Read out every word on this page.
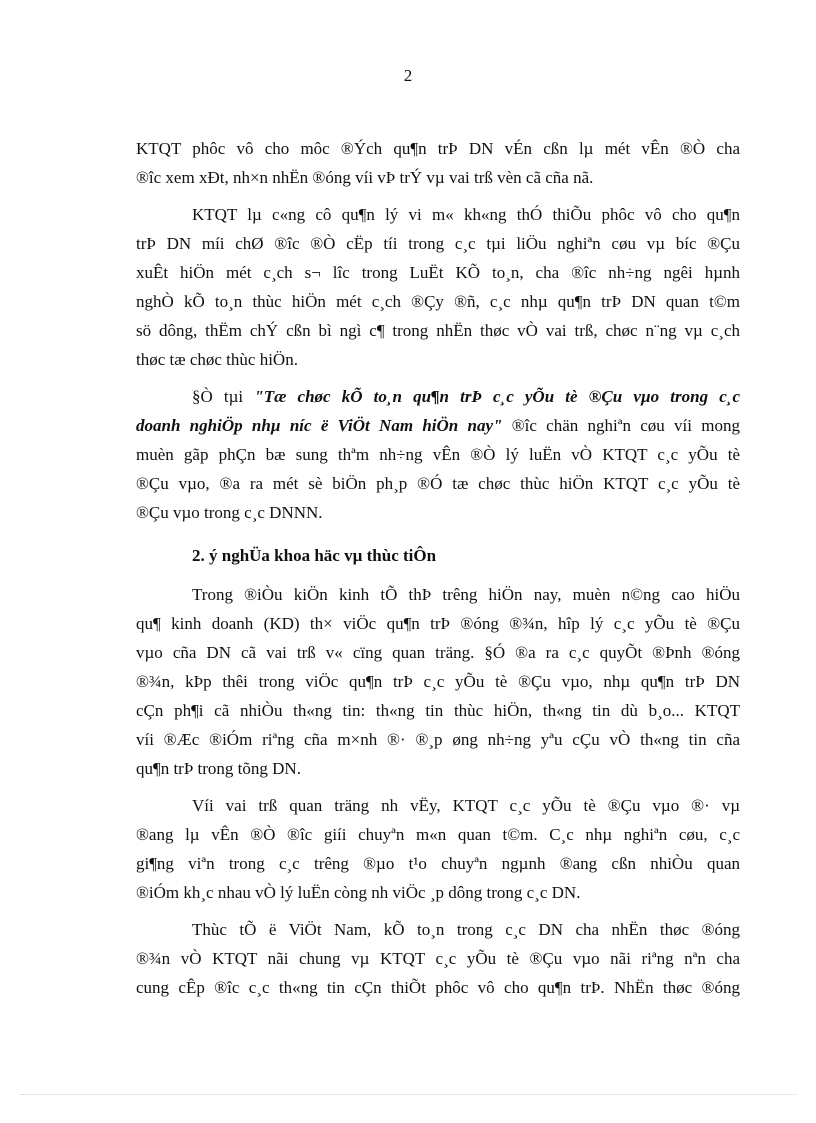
2
KTQT phôc vô cho môc ®Ých qu¶n trÞ DN vÉn cßn lµ mét vÊn ®Ò cha
®îc xem xÐt, nh×n nhËn ®óng víi vÞ trÝ vµ vai trß vèn cã cña nã.
KTQT lµ c«ng cô qu¶n lý vi m« kh«ng thÓ thiÕu phôc vô cho qu¶n
trÞ DN míi chØ ®îc ®Ò cËp tíi trong c¸c tµi liÖu nghiªn cøu vµ bíc ®Çu
xuÊt hiÖn mét c¸ch s¬ lîc trong LuËt KÕ to¸n, cha ®îc nh÷ng ngêi hµnh
nghÒ kÕ to¸n thùc hiÖn mét c¸ch ®Çy ®ñ, c¸c nhµ qu¶n trÞ DN quan t©m
sö dông, thËm chÝ cßn bì ngì c¶ trong nhËn thøc vÒ vai trß, chøc n¨ng vµ c¸ch
thøc tæ chøc thùc hiÖn.
§Ò tµi "Tæ chøc kÕ to¸n qu¶n trÞ c¸c yÕu tè ®Çu vµo trong c¸c
doanh nghiÖp nhµ níc ë ViÖt Nam hiÖn nay" ®îc chän nghiªn cøu víi mong
muèn gãp phÇn bæ sung thªm nh÷ng vÊn ®Ò lý luËn vÒ KTQT c¸c yÕu tè
®Çu vµo, ®a ra mét sè biÖn ph¸p ®Ó tæ chøc thùc hiÖn KTQT c¸c yÕu tè
®Çu vµo trong c¸c DNNN.
2. ý nghÜa khoa häc vµ thùc tiÔn
Trong ®iÒu kiÖn kinh tÕ thÞ trêng hiÖn nay, muèn n©ng cao hiÖu
qu¶ kinh doanh (KD) th× viÖc qu¶n trÞ ®óng ®¾n, hîp lý c¸c yÕu tè ®Çu
vµo cña DN cã vai trß v« cïng quan träng. §Ó ®a ra c¸c quyÕt ®Þnh ®óng
®¾n, kÞp thêi trong viÖc qu¶n trÞ c¸c yÕu tè ®Çu vµo, nhµ qu¶n trÞ DN
cÇn ph¶i cã nhiÒu th«ng tin: th«ng tin thùc hiÖn, th«ng tin dù b¸o... KTQT
víi ®Æc ®iÓm riªng cña m×nh ®· ®¸p øng nh÷ng yªu cÇu vÒ th«ng tin cña
qu¶n trÞ trong tõng DN.
Víi vai trß quan träng nh vËy, KTQT c¸c yÕu tè ®Çu vµo ®· vµ
®ang lµ vÊn ®Ò ®îc giíi chuyªn m«n quan t©m. C¸c nhµ nghiªn cøu, c¸c
gi¶ng viªn trong c¸c trêng ®µo t¹o chuyªn ngµnh ®ang cßn nhiÒu quan
®iÓm kh¸c nhau vÒ lý luËn còng nh viÖc ¸p dông trong c¸c DN.
Thùc tÕ ë ViÖt Nam, kÕ to¸n trong c¸c DN cha nhËn thøc ®óng
®¾n vÒ KTQT nãi chung vµ KTQT c¸c yÕu tè ®Çu vµo nãi riªng nªn cha
cung cÊp ®îc c¸c th«ng tin cÇn thiÕt phôc vô cho qu¶n trÞ. NhËn thøc ®óng
